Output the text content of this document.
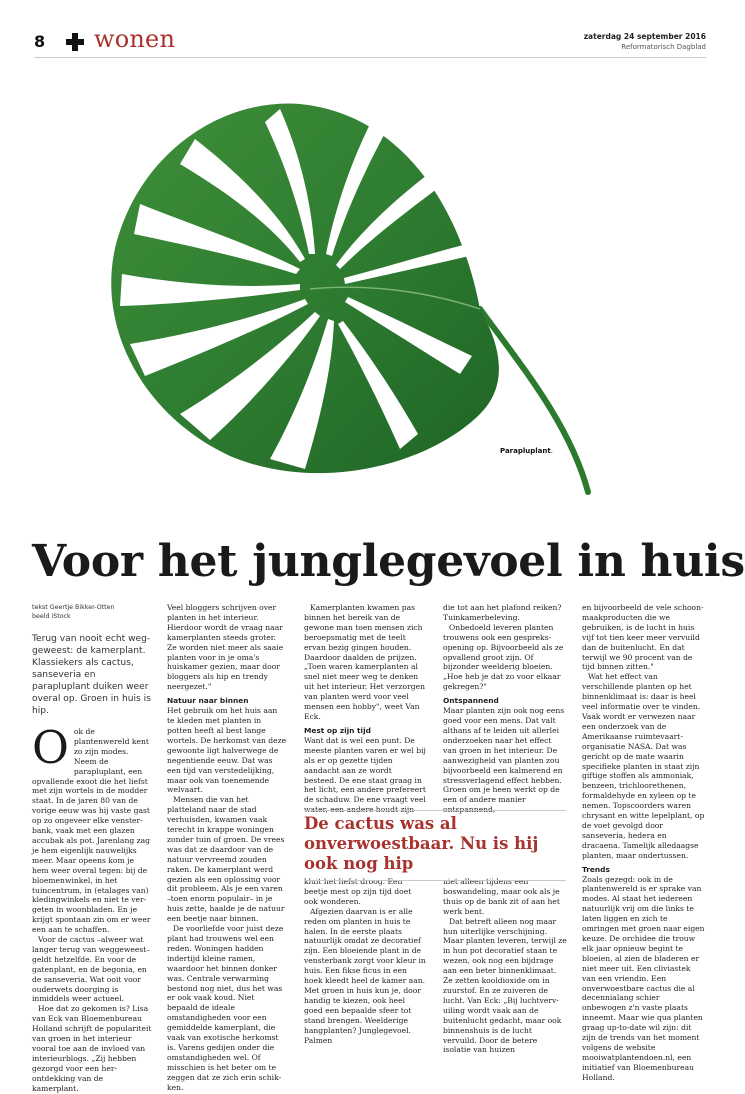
8 wonen	zaterdag 24 september 2016
Reformatorisch Dagblad
Parapluplant.
Voor het junglegevoel in huis
tekst Geertje Bikker-Otten
beeld iStock
Terug van nooit echt weggeweest: de kamerplant. Klassiekers als cactus, sanseveria en parapluplant duiken weer overal op. Groen in huis is hip.

Ook de plantenwereld kent zo zijn modes. Neem de parapluplant, een opvallende exoot die het liefst met zijn wortels in de modder staat. In de jaren 80 van de vorige eeuw was hij vaste gast op zo ongeveer elke vensterbank, vaak met een glazen accubak als pot. Jarenlang zag je hem eigenlijk nauwelijks meer. Maar opeens kom je hem weer overal tegen: bij de bloemenwinkel, in het tuincentrum, in (etalages van) kledingwinkels en niet te vergeten in woonbladen. En je krijgt spontaan zin om er weer een aan te schaffen.

Voor de cactus –alweer wat langer terug van weggeweest– geldt hetzelfde. En voor de gatenplant, en de begonia, en de sanseveria. Wat ooit voor ouderwets doorging is inmiddels weer actueel.

Hoe dat zo gekomen is? Lisa van Eck van Bloemenbureau Holland schrijft de populariteit van groen in het interieur vooral toe aan de invloed van interieurblogs. „Zij hebben gezorgd voor een herontdekking van de kamerplant.

Veel bloggers schrijven over planten in het interieur. Hierdoor wordt de vraag naar kamerplanten steeds groter. Ze worden niet meer als saaie planten voor in je oma's huiskamer gezien, maar door bloggers als hip en trendy neergezet."

Natuur naar binnen

Het gebruik om het huis aan te kleden met planten in potten heeft al best lange wortels. De herkomst van deze gewoonte ligt halverwege de negentiende eeuw. Dat was een tijd van verstedelijking, maar ook van toenemende welvaart.

Mensen die van het platteland naar de stad verhuisden, kwamen vaak terecht in krappe woningen zonder tuin of groen. De vrees was dat ze daardoor van de natuur vervreemd zouden raken. De kamerplant werd gezien als een oplossing voor dit probleem. Als je een varen –toen enorm populair– in je huis zette, haalde je de natuur een beetje naar binnen.

De voorliefde voor juist deze plant had trouwens wel een reden. Woningen hadden indertijd kleine ramen, waardoor het binnen donker was. Centrale verwarming bestond nog niet, dus het was er ook vaak koud. Niet bepaald de ideale omstandigheden voor een gemiddelde kamerplant, die vaak van exotische herkomst is. Varens gedijen onder die omstandigheden wel. Of misschien is het beter om te zeggen dat ze zich erin schikken.

Kamerplanten kwamen pas binnen het bereik van de gewone man toen mensen zich beroepsmatig met de teelt ervan bezig gingen houden. Daardoor daalden de prijzen. „Toen waren kamerplanten al snel niet meer weg te denken uit het interieur. Het verzorgen van planten werd voor veel mensen een hobby", weet Van Eck.

Mest op zijn tijd

Want dat is wel een punt. De meeste planten varen er wel bij als er op gezette tijden aandacht aan ze wordt besteed. De ene staat graag in het licht, een andere prefereert de schaduw. De ene vraagt veel water, een andere houdt zijn

kluit het liefst droog. Een beetje mest op zijn tijd doet ook wonderen.

Afgezien daarvan is er alle reden om planten in huis te halen. In de eerste plaats natuurlijk omdat ze decoratief zijn. Een bloeiende plant in de vensterbank zorgt voor kleur in huis. Een fikse ficus in een hoek kleedt heel de kamer aan. Met groen in huis kun je, door handig te kiezen, ook heel goed een bepaalde sfeer tot stand brengen. Weelderige hangplanten? Junglegevoel. Palmen

die tot aan het plafond reiken? Tuinkamerbeleving.

Onbedoeld leveren planten trouwens ook een gespreksopening op. Bijvoorbeeld als ze opvallend groot zijn. Of bijzonder weelderig bloeien. „Hoe heb je dat zo voor elkaar gekregen?"

Ontspannend

Maar planten zijn ook nog eens goed voor een mens. Dat valt althans af te leiden uit allerlei onderzoeken naar het effect van groen in het interieur. De aanwezigheid van planten zou bijvoorbeeld een kalmerend en stressverlagend effect hebben. Groen om je heen werkt op de een of andere manier ontspannend,

niet alleen tijdens een boswandeling, maar ook als je thuis op de bank zit of aan het werk bent.

Dat betreft alleen nog maar hun uiterlijke verschijning. Maar planten leveren, terwijl ze in hun pot decoratief staan te wezen, ook nog een bijdrage aan een beter binnenklimaat. Ze zetten kooldioxide om in zuurstof. En ze zuiveren de lucht. Van Eck: „Bij luchtvervuiling wordt vaak aan de buitenlucht gedacht, maar ook binnenshuis is de lucht vervuild. Door de betere isolatie van huizen

en bijvoorbeeld de vele schoonmaakproducten die we gebruiken, is de lucht in huis vijf tot tien keer meer vervuild dan de buitenlucht. En dat terwijl we 90 procent van de tijd binnen zitten."

Wat het effect van verschillende planten op het binnenklimaat is: daar is heel veel informatie over te vinden. Vaak wordt er verwezen naar een onderzoek van de Amerikaanse ruimtevaartorganisatie NASA. Dat was gericht op de mate waarin specifieke planten in staat zijn giftige stoffen als ammoniak, benzeen, trichloorethenen, formaldehyde en xyleen op te nemen. Topscoorders waren chrysant en witte lepelplant, op de voet gevolgd door sanseveria, hedera en dracaena. Tamelijk alledaagse planten, maar ondertussen.

Trends

Zoals gezegd: ook in de plantenwereld is er sprake van modes. Al staat het iedereen natuurlijk vrij om die links te laten liggen en zich te omringen met groen naar eigen keuze. De orchidee die trouw elk jaar opnieuw begint te bloeien, al zien de bladeren er niet meer uit. Een cliviastek van een vriendin. Een onverwoestbare cactus die al decennialang schier onbewogen z'n vaste plaats inneemt. Maar wie qua planten graag up-to-date wil zijn: dit zijn de trends van het moment volgens de website mooiwatplantendoen.nl, een initiatief van Bloemenbureau Holland.

De cactus was al onverwoestbaar. Nu is hij ook nog hip
